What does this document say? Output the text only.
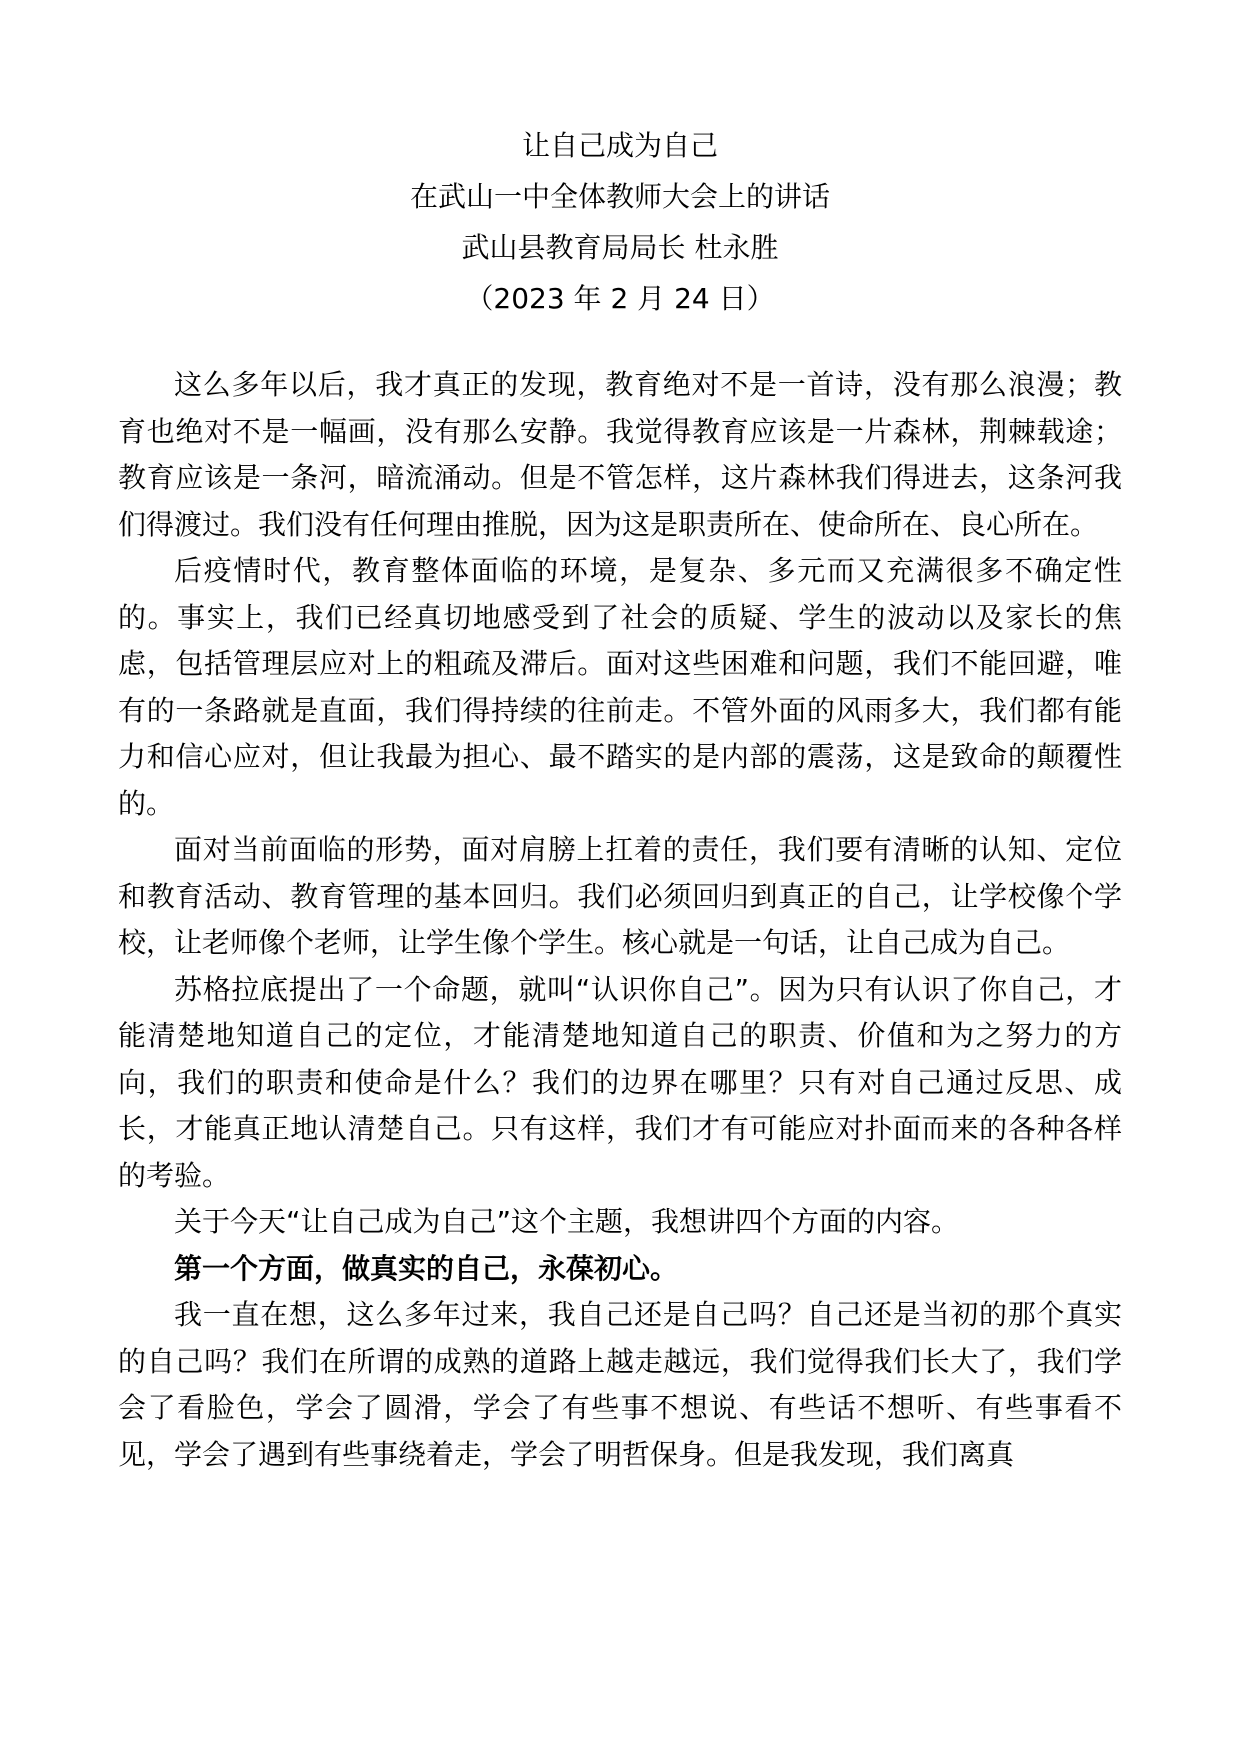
让自己成为自己
在武山一中全体教师大会上的讲话
武山县教育局局长 杜永胜
（2023 年 2 月 24 日）

这么多年以后，我才真正的发现，教育绝对不是一首诗，没有那么浪漫；教育也绝对不是一幅画，没有那么安静。我觉得教育应该是一片森林，荆棘载途；教育应该是一条河，暗流涌动。但是不管怎样，这片森林我们得进去，这条河我们得渡过。我们没有任何理由推脱，因为这是职责所在、使命所在、良心所在。

后疫情时代，教育整体面临的环境，是复杂、多元而又充满很多不确定性的。事实上，我们已经真切地感受到了社会的质疑、学生的波动以及家长的焦虑，包括管理层应对上的粗疏及滞后。面对这些困难和问题，我们不能回避，唯有的一条路就是直面，我们得持续的往前走。不管外面的风雨多大，我们都有能力和信心应对，但让我最为担心、最不踏实的是内部的震荡，这是致命的颠覆性的。

面对当前面临的形势，面对肩膀上扛着的责任，我们要有清晰的认知、定位和教育活动、教育管理的基本回归。我们必须回归到真正的自己，让学校像个学校，让老师像个老师，让学生像个学生。核心就是一句话，让自己成为自己。

苏格拉底提出了一个命题，就叫“认识你自己”。因为只有认识了你自己，才能清楚地知道自己的定位，才能清楚地知道自己的职责、价值和为之努力的方向，我们的职责和使命是什么？我们的边界在哪里？只有对自己通过反思、成长，才能真正地认清楚自己。只有这样，我们才有可能应对扑面而来的各种各样的考验。

关于今天“让自己成为自己”这个主题，我想讲四个方面的内容。

第一个方面，做真实的自己，永葆初心。

我一直在想，这么多年过来，我自己还是自己吗？自己还是当初的那个真实的自己吗？我们在所谓的成熟的道路上越走越远，我们觉得我们长大了，我们学会了看脸色，学会了圆滑，学会了有些事不想说、有些话不想听、有些事看不见，学会了遇到有些事绕着走，学会了明哲保身。但是我发现，我们离真
